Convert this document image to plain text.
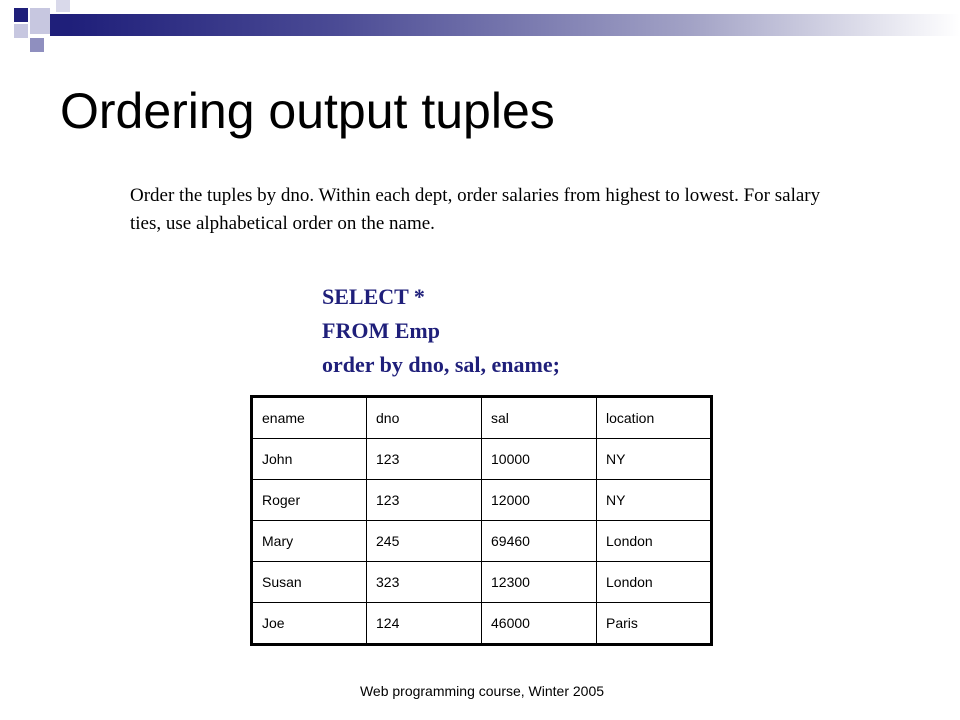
Ordering output tuples

Order the tuples by dno. Within each dept, order salaries from highest to lowest. For salary ties, use alphabetical order on the name.

SELECT *
FROM Emp
order by dno, sal, ename;
ename	dno	sal	location
John	123	10000	NY
Roger	123	12000	NY
Mary	245	69460	London
Susan	323	12300	London
Joe	124	46000	Paris
Web programming course, Winter 2005
